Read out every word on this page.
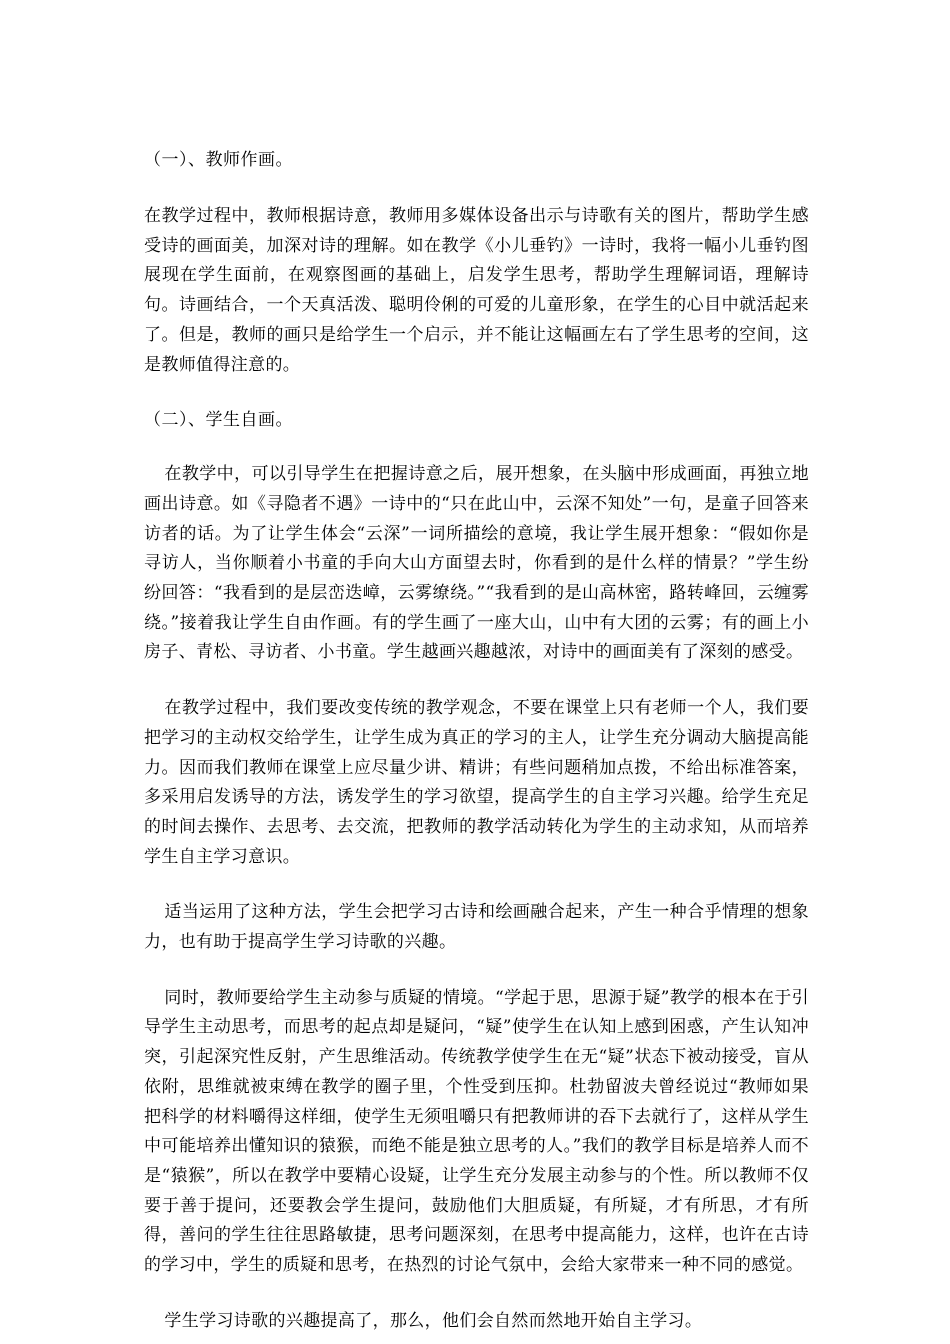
（一）、教师作画。

在教学过程中，教师根据诗意，教师用多媒体设备出示与诗歌有关的图片，帮助学生感受诗的画面美，加深对诗的理解。如在教学《小儿垂钓》一诗时，我将一幅小儿垂钓图展现在学生面前，在观察图画的基础上，启发学生思考，帮助学生理解词语，理解诗句。诗画结合，一个天真活泼、聪明伶俐的可爱的儿童形象，在学生的心目中就活起来了。但是，教师的画只是给学生一个启示，并不能让这幅画左右了学生思考的空间，这是教师值得注意的。

（二）、学生自画。

在教学中，可以引导学生在把握诗意之后，展开想象，在头脑中形成画面，再独立地画出诗意。如《寻隐者不遇》一诗中的“只在此山中，云深不知处”一句，是童子回答来访者的话。为了让学生体会“云深”一词所描绘的意境，我让学生展开想象：“假如你是寻访人，当你顺着小书童的手向大山方面望去时，你看到的是什么样的情景？”学生纷纷回答：“我看到的是层峦迭嶂，云雾缭绕。”“我看到的是山高林密，路转峰回，云缠雾绕。”接着我让学生自由作画。有的学生画了一座大山，山中有大团的云雾；有的画上小房子、青松、寻访者、小书童。学生越画兴趣越浓，对诗中的画面美有了深刻的感受。

在教学过程中，我们要改变传统的教学观念，不要在课堂上只有老师一个人，我们要把学习的主动权交给学生，让学生成为真正的学习的主人，让学生充分调动大脑提高能力。因而我们教师在课堂上应尽量少讲、精讲；有些问题稍加点拨，不给出标准答案，多采用启发诱导的方法，诱发学生的学习欲望，提高学生的自主学习兴趣。给学生充足的时间去操作、去思考、去交流，把教师的教学活动转化为学生的主动求知，从而培养学生自主学习意识。

适当运用了这种方法，学生会把学习古诗和绘画融合起来，产生一种合乎情理的想象力，也有助于提高学生学习诗歌的兴趣。

同时，教师要给学生主动参与质疑的情境。“学起于思，思源于疑”教学的根本在于引导学生主动思考，而思考的起点却是疑问，“疑”使学生在认知上感到困惑，产生认知冲突，引起深究性反射，产生思维活动。传统教学使学生在无“疑”状态下被动接受，盲从依附，思维就被束缚在教学的圈子里，个性受到压抑。杜勃留波夫曾经说过“教师如果把科学的材料嚼得这样细，使学生无须咀嚼只有把教师讲的吞下去就行了，这样从学生中可能培养出懂知识的猿猴，而绝不能是独立思考的人。”我们的教学目标是培养人而不是“猿猴”，所以在教学中要精心设疑，让学生充分发展主动参与的个性。所以教师不仅要于善于提问，还要教会学生提问，鼓励他们大胆质疑，有所疑，才有所思，才有所得，善问的学生往往思路敏捷，思考问题深刻，在思考中提高能力，这样，也许在古诗的学习中，学生的质疑和思考，在热烈的讨论气氛中，会给大家带来一种不同的感觉。

学生学习诗歌的兴趣提高了，那么，他们会自然而然地开始自主学习。
